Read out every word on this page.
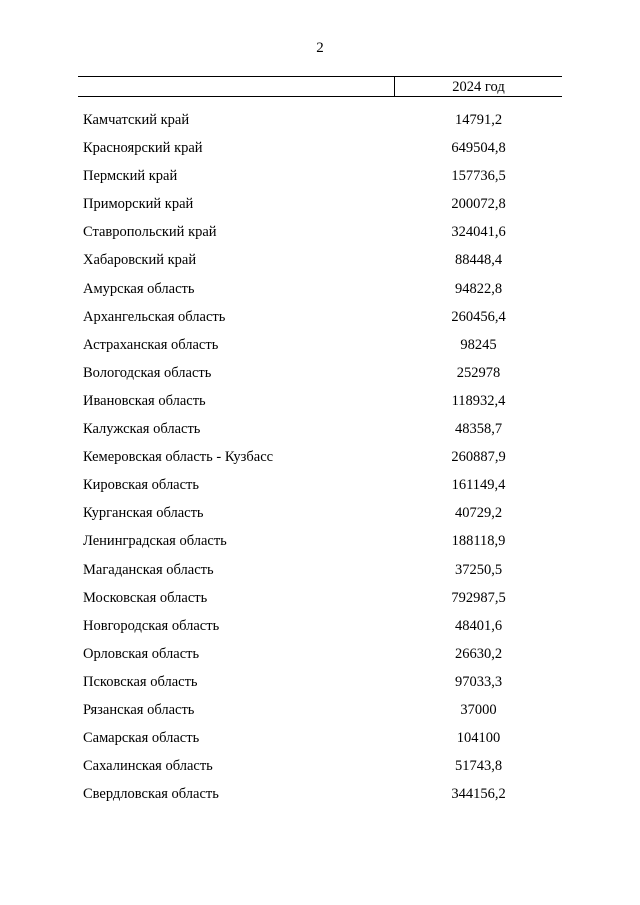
2
2024 год
Камчатский край	14791,2
Красноярский край	649504,8
Пермский край	157736,5
Приморский край	200072,8
Ставропольский край	324041,6
Хабаровский край	88448,4
Амурская область	94822,8
Архангельская область	260456,4
Астраханская область	98245
Вологодская область	252978
Ивановская область	118932,4
Калужская область	48358,7
Кемеровская область - Кузбасс	260887,9
Кировская область	161149,4
Курганская область	40729,2
Ленинградская область	188118,9
Магаданская область	37250,5
Московская область	792987,5
Новгородская область	48401,6
Орловская область	26630,2
Псковская область	97033,3
Рязанская область	37000
Самарская область	104100
Сахалинская область	51743,8
Свердловская область	344156,2
